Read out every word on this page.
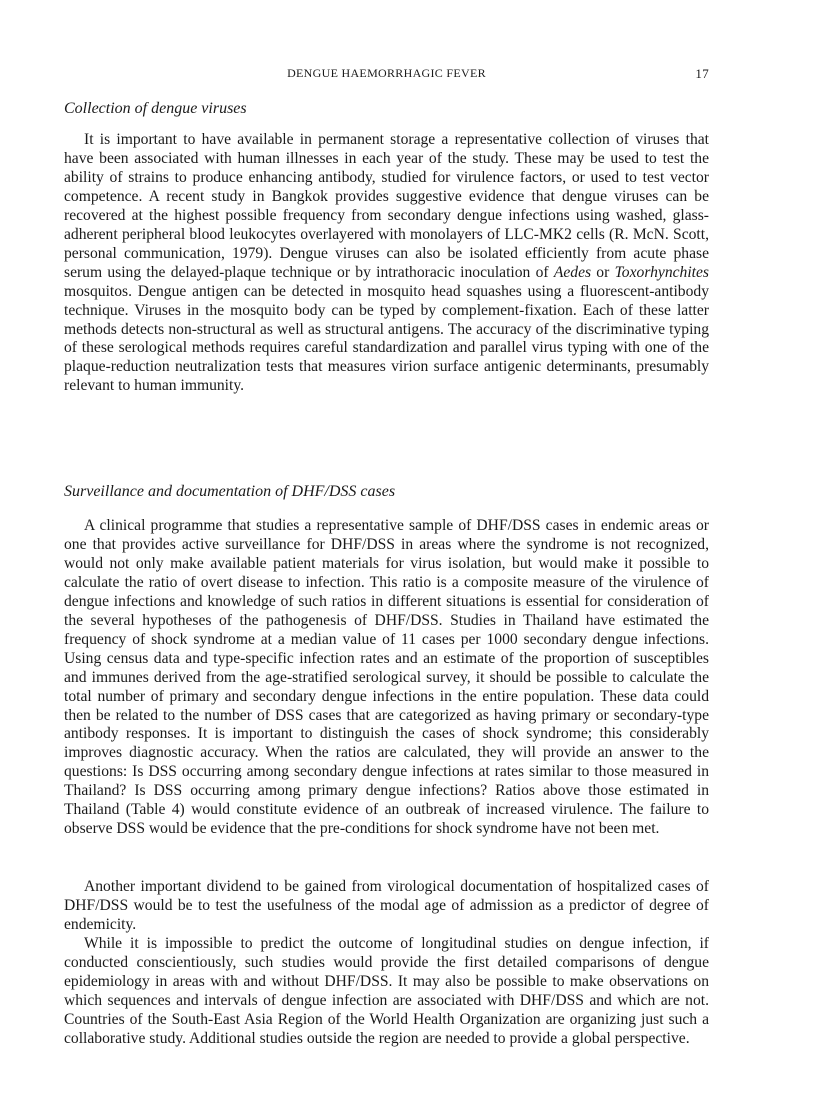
DENGUE HAEMORRHAGIC FEVER	17
Collection of dengue viruses

It is important to have available in permanent storage a representative collection of viruses that have been associated with human illnesses in each year of the study. These may be used to test the ability of strains to produce enhancing antibody, studied for virulence factors, or used to test vector competence. A recent study in Bangkok provides suggestive evidence that dengue viruses can be recovered at the highest possible frequency from secondary dengue infections using washed, glass-adherent peripheral blood leukocytes overlayered with monolayers of LLC-MK2 cells (R. McN. Scott, personal communication, 1979). Dengue viruses can also be isolated efficiently from acute phase serum using the delayed-plaque technique or by intrathoracic inoculation of Aedes or Toxorhynchites mosquitos. Dengue antigen can be detected in mosquito head squashes using a fluorescent-antibody technique. Viruses in the mosquito body can be typed by complement-fixation. Each of these latter methods detects non-structural as well as structural antigens. The accuracy of the discriminative typing of these serological methods requires careful standardization and parallel virus typing with one of the plaque-reduction neutralization tests that measures virion surface antigenic determinants, presumably relevant to human immunity.

Surveillance and documentation of DHF/DSS cases

A clinical programme that studies a representative sample of DHF/DSS cases in endemic areas or one that provides active surveillance for DHF/DSS in areas where the syndrome is not recognized, would not only make available patient materials for virus isolation, but would make it possible to calculate the ratio of overt disease to infection. This ratio is a composite measure of the virulence of dengue infections and knowledge of such ratios in different situations is essential for consideration of the several hypotheses of the pathogenesis of DHF/DSS. Studies in Thailand have estimated the frequency of shock syndrome at a median value of 11 cases per 1000 secondary dengue infections. Using census data and type-specific infection rates and an estimate of the proportion of susceptibles and immunes derived from the age-stratified serological survey, it should be possible to calculate the total number of primary and secondary dengue infections in the entire population. These data could then be related to the number of DSS cases that are categorized as having primary or secondary-type antibody responses. It is important to distinguish the cases of shock syndrome; this considerably improves diagnostic accuracy. When the ratios are calculated, they will provide an answer to the questions: Is DSS occurring among secondary dengue infections at rates similar to those measured in Thailand? Is DSS occurring among primary dengue infections? Ratios above those estimated in Thailand (Table 4) would constitute evidence of an outbreak of increased virulence. The failure to observe DSS would be evidence that the pre-conditions for shock syndrome have not been met.

Another important dividend to be gained from virological documentation of hospitalized cases of DHF/DSS would be to test the usefulness of the modal age of admission as a predictor of degree of endemicity.

While it is impossible to predict the outcome of longitudinal studies on dengue infection, if conducted conscientiously, such studies would provide the first detailed comparisons of dengue epidemiology in areas with and without DHF/DSS. It may also be possible to make observations on which sequences and intervals of dengue infection are associated with DHF/DSS and which are not. Countries of the South-East Asia Region of the World Health Organization are organizing just such a collaborative study. Additional studies outside the region are needed to provide a global perspective.
